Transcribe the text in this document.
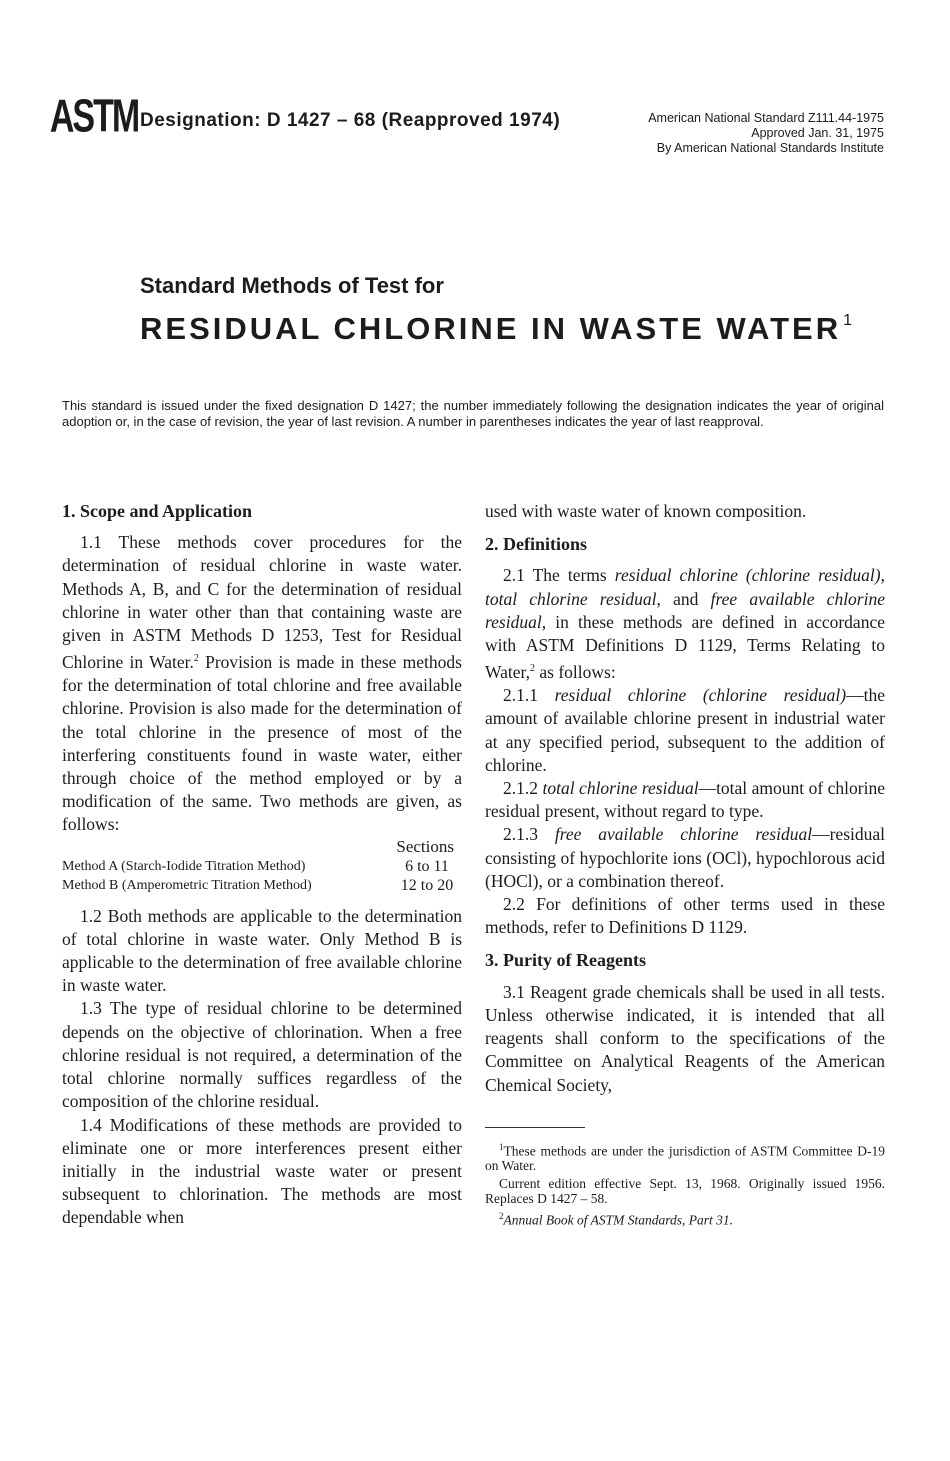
ASTM Designation: D 1427 – 68 (Reapproved 1974)	American National Standard Z111.44-1975
Approved Jan. 31, 1975
By American National Standards Institute
Standard Methods of Test for
RESIDUAL CHLORINE IN WASTE WATER $^1$

This standard is issued under the fixed designation D 1427; the number immediately following the designation indicates the year of original adoption or, in the case of revision, the year of last revision. A number in parentheses indicates the year of last reapproval.

1. Scope and Application

1.1 These methods cover procedures for the determination of residual chlorine in waste water. Methods A, B, and C for the determination of residual chlorine in water other than that containing waste are given in ASTM Methods D 1253, Test for Residual Chlorine in Water.$^2$ Provision is made in these methods for the determination of total chlorine and free available chlorine. Provision is also made for the determination of the total chlorine in the presence of most of the interfering constituents found in waste water, either through choice of the method employed or by a modification of the same. Two methods are given, as follows:

	Sections
Method A (Starch-Iodide Titration Method)	6 to 11
Method B (Amperometric Titration Method)	12 to 20

1.2 Both methods are applicable to the determination of total chlorine in waste water. Only Method B is applicable to the determination of free available chlorine in waste water.

1.3 The type of residual chlorine to be determined depends on the objective of chlorination. When a free chlorine residual is not required, a determination of the total chlorine normally suffices regardless of the composition of the chlorine residual.

1.4 Modifications of these methods are provided to eliminate one or more interferences present either initially in the industrial waste water or present subsequent to chlorination. The methods are most dependable when

used with waste water of known composition.

2. Definitions

2.1 The terms residual chlorine (chlorine residual), total chlorine residual, and free available chlorine residual, in these methods are defined in accordance with ASTM Definitions D 1129, Terms Relating to Water,$^2$ as follows:

2.1.1 residual chlorine (chlorine residual)—the amount of available chlorine present in industrial water at any specified period, subsequent to the addition of chlorine.

2.1.2 total chlorine residual—total amount of chlorine residual present, without regard to type.

2.1.3 free available chlorine residual—residual consisting of hypochlorite ions (OCl), hypochlorous acid (HOCl), or a combination thereof.

2.2 For definitions of other terms used in these methods, refer to Definitions D 1129.

3. Purity of Reagents

3.1 Reagent grade chemicals shall be used in all tests. Unless otherwise indicated, it is intended that all reagents shall conform to the specifications of the Committee on Analytical Reagents of the American Chemical Society,

$^1$These methods are under the jurisdiction of ASTM Committee D-19 on Water.

Current edition effective Sept. 13, 1968. Originally issued 1956. Replaces D 1427 – 58.

$^2$Annual Book of ASTM Standards, Part 31.
